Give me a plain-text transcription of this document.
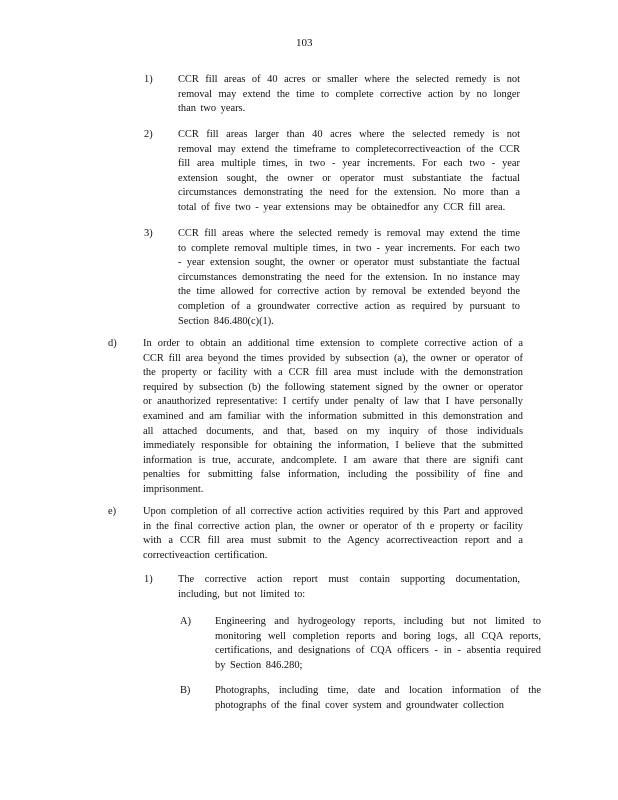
103
1) CCR fill areas of 40 acres or smaller where the selected remedy is not removal may extend the time to complete corrective action by no longer than two years.
2) CCR fill areas larger than 40 acres where the selected remedy is not removal may extend the timeframe to completecorrectiveaction of the CCR fill area multiple times, in two - year increments. For each two - year extension sought, the owner or operator must substantiate the factual circumstances demonstrating the need for the extension. No more than a total of five two - year extensions may be obtainedfor any CCR fill area.
3) CCR fill areas where the selected remedy is removal may extend the time to complete removal multiple times, in two - year increments. For each two - year extension sought, the owner or operator must substantiate the factual circumstances demonstrating the need for the extension. In no instance may the time allowed for corrective action by removal be extended beyond the completion of a groundwater corrective action as required by pursuant to Section 846.480(c)(1).
d)	In order to obtain an additional time extension to complete corrective action of a CCR fill area beyond the times provided by subsection (a), the owner or operator of the property or facility with a CCR fill area must include with the demonstration required by subsection (b) the following statement signed by the owner or operator or anauthorized representative: I certify under penalty of law that I have personally examined and am familiar with the information submitted in this demonstration and all attached documents, and that, based on my inquiry of those individuals immediately responsible for obtaining the information, I believe that the submitted information is true, accurate, andcomplete. I am aware that there are signifi cant penalties for submitting false information, including the possibility of fine and imprisonment.
e)	Upon completion of all corrective action activities required by this Part and approved in the final corrective action plan, the owner or operator of th e property or facility with a CCR fill area must submit to the Agency acorrectiveaction report and a correctiveaction certification.
1) The corrective action report must contain supporting documentation, including, but not limited to:
A) Engineering and hydrogeology reports, including but not limited to monitoring well completion reports and boring logs, all CQA reports, certifications, and designations of CQA officers - in - absentia required by Section 846.280;
B) Photographs, including time, date and location information of the photographs of the final cover system and groundwater collection
